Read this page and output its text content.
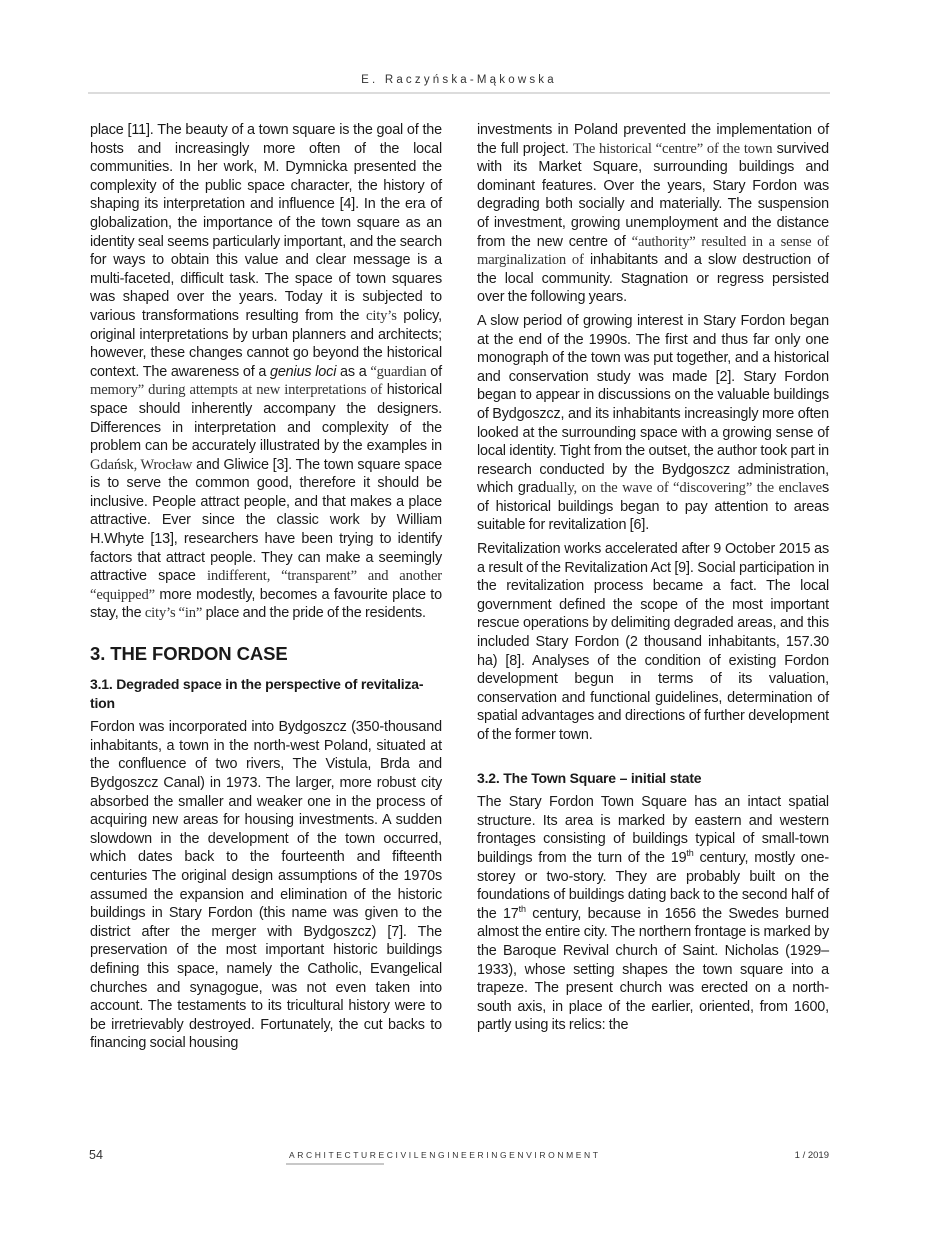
E. Raczyńska-Mąkowska

place [11]. The beauty of a town square is the goal of the hosts and increasingly more often of the local communities. In her work, M. Dymnicka presented the complexity of the public space character, the history of shaping its interpretation and influence [4]. In the era of globalization, the importance of the town square as an identity seal seems particularly important, and the search for ways to obtain this value and clear message is a multi-faceted, difficult task. The space of town squares was shaped over the years. Today it is subjected to various transformations resulting from the city’s policy, original interpretations by urban planners and architects; however, these changes cannot go beyond the historical context. The awareness of a genius loci as a “guardian of memory” during attempts at new interpretations of historical space should inherently accompany the designers. Differences in interpretation and complexity of the problem can be accurately illustrated by the examples in Gdańsk, Wrocław and Gliwice [3]. The town square space is to serve the common good, therefore it should be inclusive. People attract people, and that makes a place attractive. Ever since the classic work by William H.Whyte [13], researchers have been trying to identify factors that attract people. They can make a seemingly attractive space indifferent, “transparent” and another “equipped” more modestly, becomes a favourite place to stay, the city’s “in” place and the pride of the residents.

3. THE FORDON CASE
3.1. Degraded space in the perspective of revitalization

Fordon was incorporated into Bydgoszcz (350-thousand inhabitants, a town in the north-west Poland, situated at the confluence of two rivers, The Vistula, Brda and Bydgoszcz Canal) in 1973. The larger, more robust city absorbed the smaller and weaker one in the process of acquiring new areas for housing investments. A sudden slowdown in the development of the town occurred, which dates back to the fourteenth and fifteenth centuries The original design assumptions of the 1970s assumed the expansion and elimination of the historic buildings in Stary Fordon (this name was given to the district after the merger with Bydgoszcz) [7]. The preservation of the most important historic buildings defining this space, namely the Catholic, Evangelical churches and synagogue, was not even taken into account. The testaments to its tricultural history were to be irretrievably destroyed. Fortunately, the cut backs to financing social housing

investments in Poland prevented the implementation of the full project. The historical “centre” of the town survived with its Market Square, surrounding buildings and dominant features. Over the years, Stary Fordon was degrading both socially and materially. The suspension of investment, growing unemployment and the distance from the new centre of “authority” resulted in a sense of marginalization of inhabitants and a slow destruction of the local community. Stagnation or regress persisted over the following years.

A slow period of growing interest in Stary Fordon began at the end of the 1990s. The first and thus far only one monograph of the town was put together, and a historical and conservation study was made [2]. Stary Fordon began to appear in discussions on the valuable buildings of Bydgoszcz, and its inhabitants increasingly more often looked at the surrounding space with a growing sense of local identity. Tight from the outset, the author took part in research conducted by the Bydgoszcz administration, which gradually, on the wave of “discovering” the enclaves of historical buildings began to pay attention to areas suitable for revitalization [6].

Revitalization works accelerated after 9 October 2015 as a result of the Revitalization Act [9]. Social participation in the revitalization process became a fact. The local government defined the scope of the most important rescue operations by delimiting degraded areas, and this included Stary Fordon (2 thousand inhabitants, 157.30 ha) [8]. Analyses of the condition of existing Fordon development begun in terms of its valuation, conservation and functional guidelines, determination of spatial advantages and directions of further development of the former town.

3.2. The Town Square – initial state

The Stary Fordon Town Square has an intact spatial structure. Its area is marked by eastern and western frontages consisting of buildings typical of small-town buildings from the turn of the 19th century, mostly one-storey or two-story. They are probably built on the foundations of buildings dating back to the second half of the 17th century, because in 1656 the Swedes burned almost the entire city. The northern frontage is marked by the Baroque Revival church of Saint. Nicholas (1929–1933), whose setting shapes the town square into a trapeze. The present church was erected on a north-south axis, in place of the earlier, oriented, from 1600, partly using its relics: the

54	ARCHITECTURECIVILENGINEERINGENVIRONMENT	1 / 2019
